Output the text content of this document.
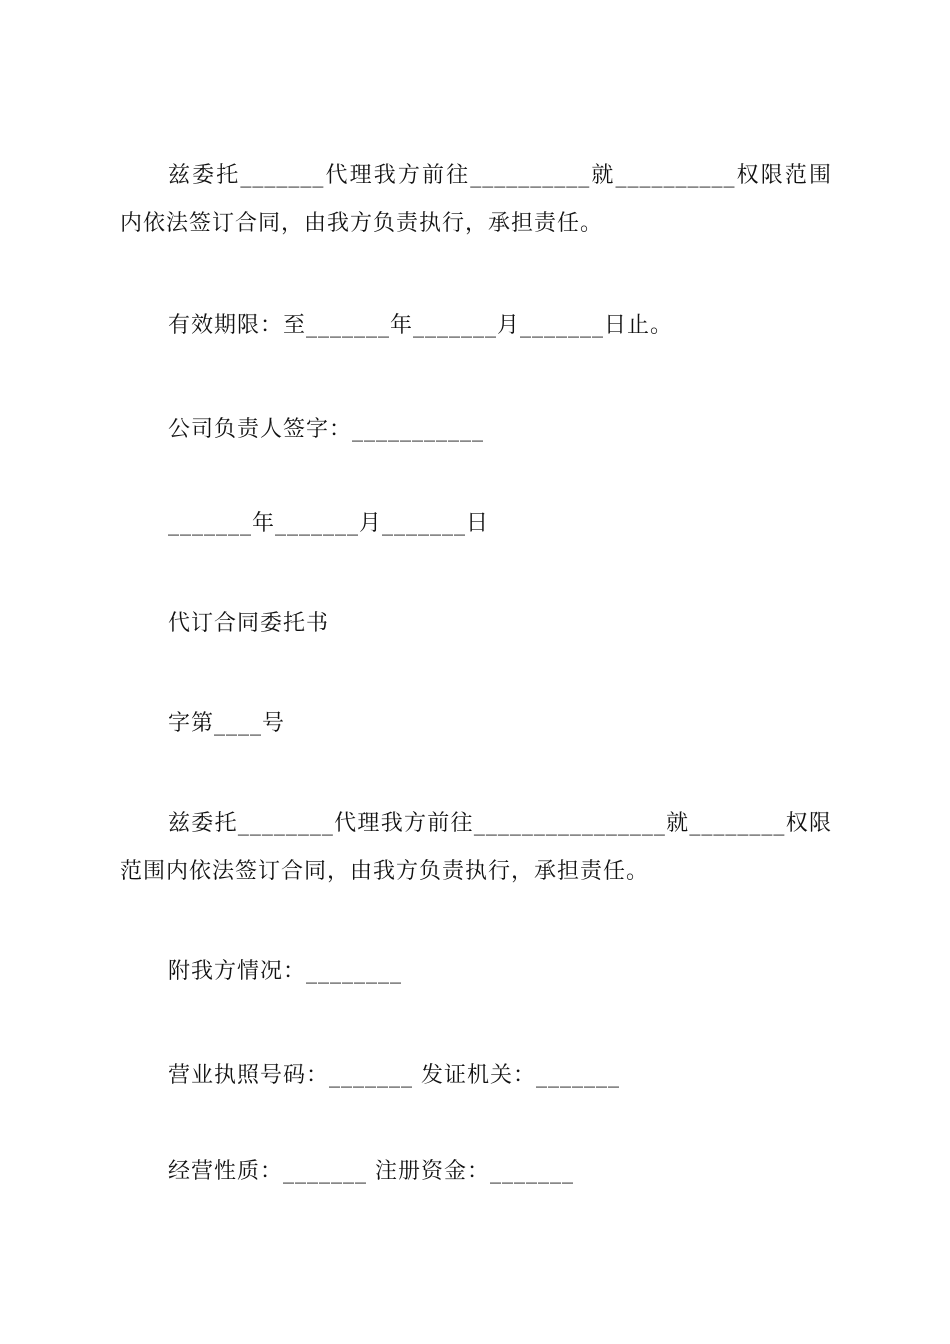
兹委托_______代理我方前往__________就__________权限范围内依法签订合同，由我方负责执行，承担责任。

有效期限：至_______年_______月_______日止。

公司负责人签字：___________

_______年_______月_______日

代订合同委托书

字第____号

兹委托________代理我方前往________________就________权限范围内依法签订合同，由我方负责执行，承担责任。

附我方情况：________

营业执照号码：_______ 发证机关：_______

经营性质：_______ 注册资金：_______
